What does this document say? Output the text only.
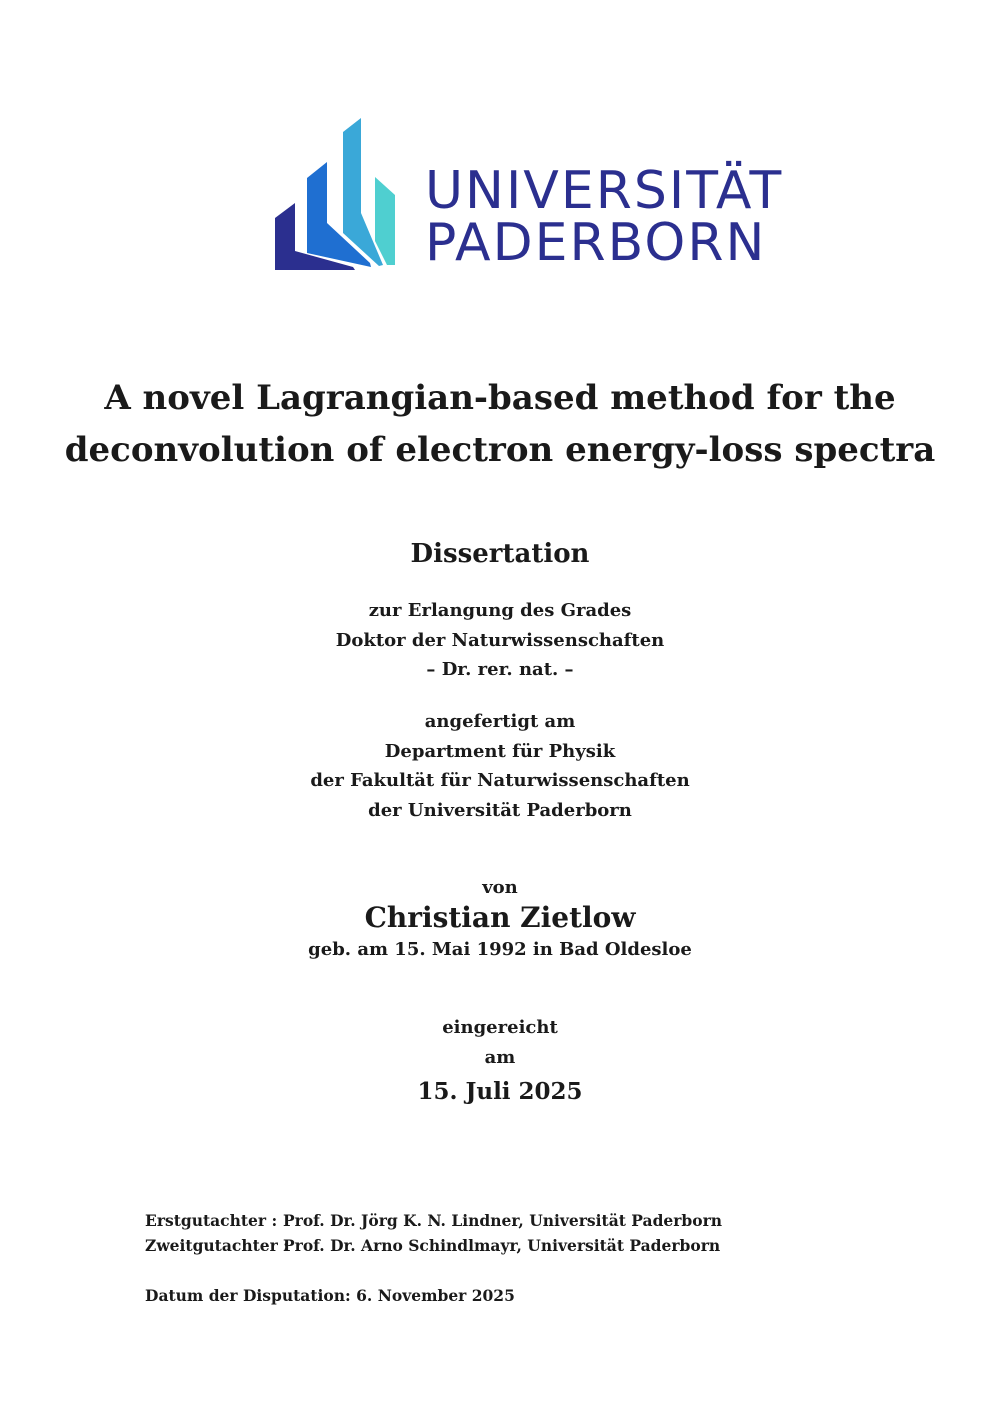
UNIVERSITÄT
PADERBORN
A novel Lagrangian-based method for the
deconvolution of electron energy-loss spectra
Dissertation
zur Erlangung des Grades
Doktor der Naturwissenschaften
– Dr. rer. nat. –
angefertigt am
Department für Physik
der Fakultät für Naturwissenschaften
der Universität Paderborn
von
Christian Zietlow
geb. am 15. Mai 1992 in Bad Oldesloe
eingereicht
am
15. Juli 2025
Erstgutachter : Prof. Dr. Jörg K. N. Lindner, Universität Paderborn
Zweitgutachter :
Prof. Dr. Arno Schindlmayr, Universität Paderborn
Datum der Disputation: 6. November 2025
